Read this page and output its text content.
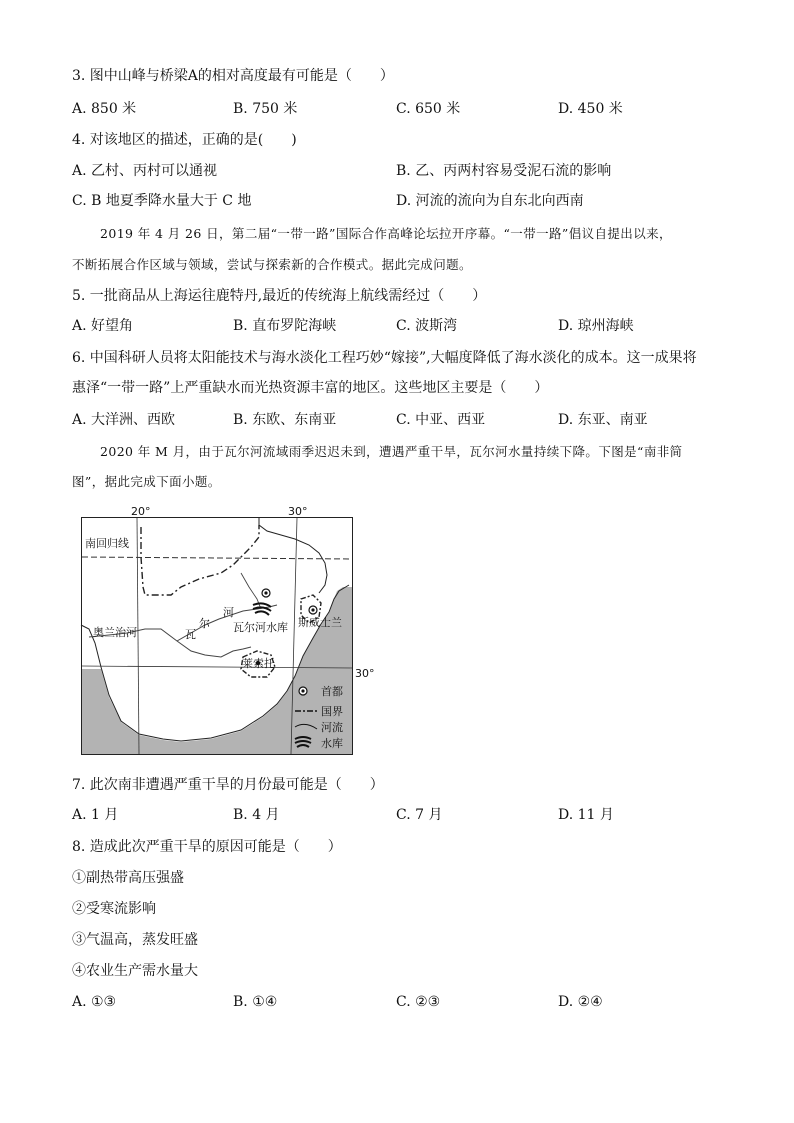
3. 图中山峰与桥梁A的相对高度最有可能是（　　）
A. 850 米	B. 750 米	C. 650 米	D. 450 米
4. 对该地区的描述，正确的是(　　)
A. 乙村、丙村可以通视	B. 乙、丙两村容易受泥石流的影响
C. B 地夏季降水量大于 C 地	D. 河流的流向为自东北向西南
2019 年 4 月 26 日，第二届“一带一路”国际合作高峰论坛拉开序幕。“一带一路”倡议自提出以来，
不断拓展合作区域与领域，尝试与探索新的合作模式。据此完成问题。
5. 一批商品从上海运往鹿特丹,最近的传统海上航线需经过（　　）
A. 好望角	B. 直布罗陀海峡	C. 波斯湾	D. 琼州海峡
6. 中国科研人员将太阳能技术与海水淡化工程巧妙“嫁接”,大幅度降低了海水淡化的成本。这一成果将
惠泽“一带一路”上严重缺水而光热资源丰富的地区。这些地区主要是（　　）
A. 大洋洲、西欧	B. 东欧、东南亚	C. 中亚、西亚	D. 东亚、南亚
2020 年 M 月，由于瓦尔河流域雨季迟迟未到，遭遇严重干旱，瓦尔河水量持续下降。下图是“南非简
图”，据此完成下面小题。
20°	30°
30°
南回归线
奥兰治河	瓦
尔
河
瓦尔河水库 斯威士兰
莱索托
首都
国界
河流
水库
7. 此次南非遭遇严重干旱的月份最可能是（　　）
A. 1 月	B. 4 月	C. 7 月	D. 11 月
8. 造成此次严重干旱的原因可能是（　　）
①副热带高压强盛
②受寒流影响
③气温高，蒸发旺盛
④农业生产需水量大
A. ①③	B. ①④	C. ②③	D. ②④
